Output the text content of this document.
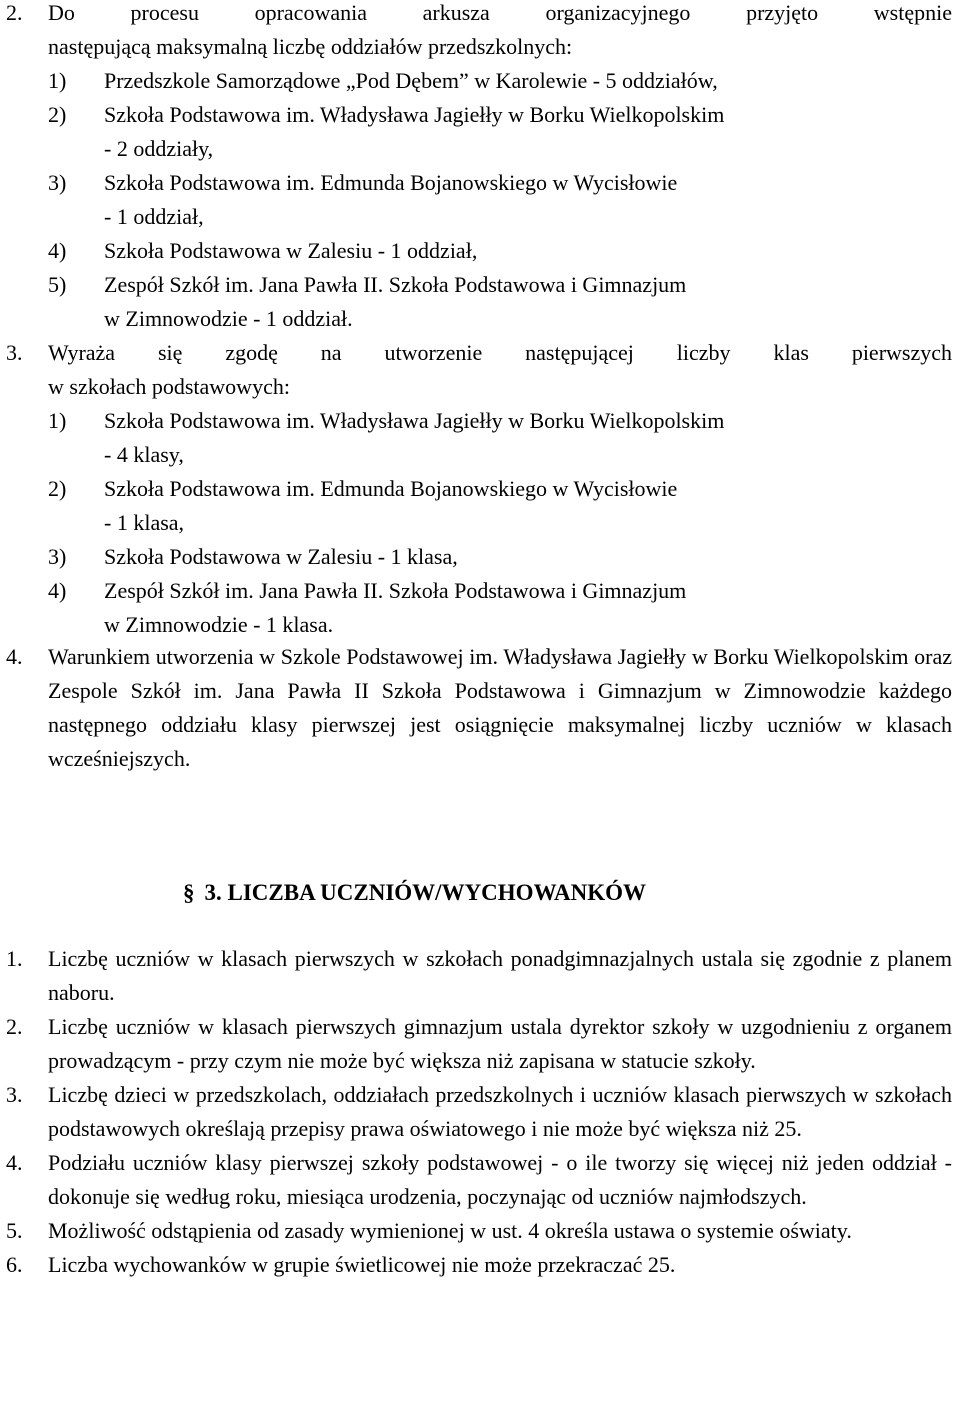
2. Do procesu opracowania arkusza organizacyjnego przyjęto wstępnie
następującą maksymalną liczbę oddziałów przedszkolnych:
1) Przedszkole Samorządowe „Pod Dębem” w Karolewie - 5 oddziałów,
2) Szkoła Podstawowa im. Władysława Jagiełły w Borku Wielkopolskim
- 2 oddziały,
3) Szkoła Podstawowa im. Edmunda Bojanowskiego w Wycisłowie
- 1 oddział,
4) Szkoła Podstawowa w Zalesiu - 1 oddział,
5) Zespół Szkół im. Jana Pawła II. Szkoła Podstawowa i Gimnazjum
w Zimnowodzie - 1 oddział.
3. Wyraża się zgodę na utworzenie następującej liczby klas pierwszych
w szkołach podstawowych:
1) Szkoła Podstawowa im. Władysława Jagiełły w Borku Wielkopolskim
- 4 klasy,
2) Szkoła Podstawowa im. Edmunda Bojanowskiego w Wycisłowie
- 1 klasa,
3) Szkoła Podstawowa w Zalesiu - 1 klasa,
4) Zespół Szkół im. Jana Pawła II. Szkoła Podstawowa i Gimnazjum
w Zimnowodzie - 1 klasa.
4. Warunkiem utworzenia w Szkole Podstawowej im. Władysława Jagiełły w Borku Wielkopolskim oraz Zespole Szkół im. Jana Pawła II Szkoła Podstawowa i Gimnazjum w Zimnowodzie każdego następnego oddziału klasy pierwszej jest osiągnięcie maksymalnej liczby uczniów w klasach wcześniejszych.
§ 3. LICZBA UCZNIÓW/WYCHOWANKÓW
1. Liczbę uczniów w klasach pierwszych w szkołach ponadgimnazjalnych ustala się zgodnie z planem naboru.
2. Liczbę uczniów w klasach pierwszych gimnazjum ustala dyrektor szkoły w uzgodnieniu z organem prowadzącym - przy czym nie może być większa niż zapisana w statucie szkoły.
3. Liczbę dzieci w przedszkolach, oddziałach przedszkolnych i uczniów klasach pierwszych w szkołach podstawowych określają przepisy prawa oświatowego i nie może być większa niż 25.
4. Podziału uczniów klasy pierwszej szkoły podstawowej - o ile tworzy się więcej niż jeden oddział - dokonuje się według roku, miesiąca urodzenia, poczynając od uczniów najmłodszych.
5. Możliwość odstąpienia od zasady wymienionej w ust. 4 określa ustawa o systemie oświaty.
6. Liczba wychowanków w grupie świetlicowej nie może przekraczać 25.
